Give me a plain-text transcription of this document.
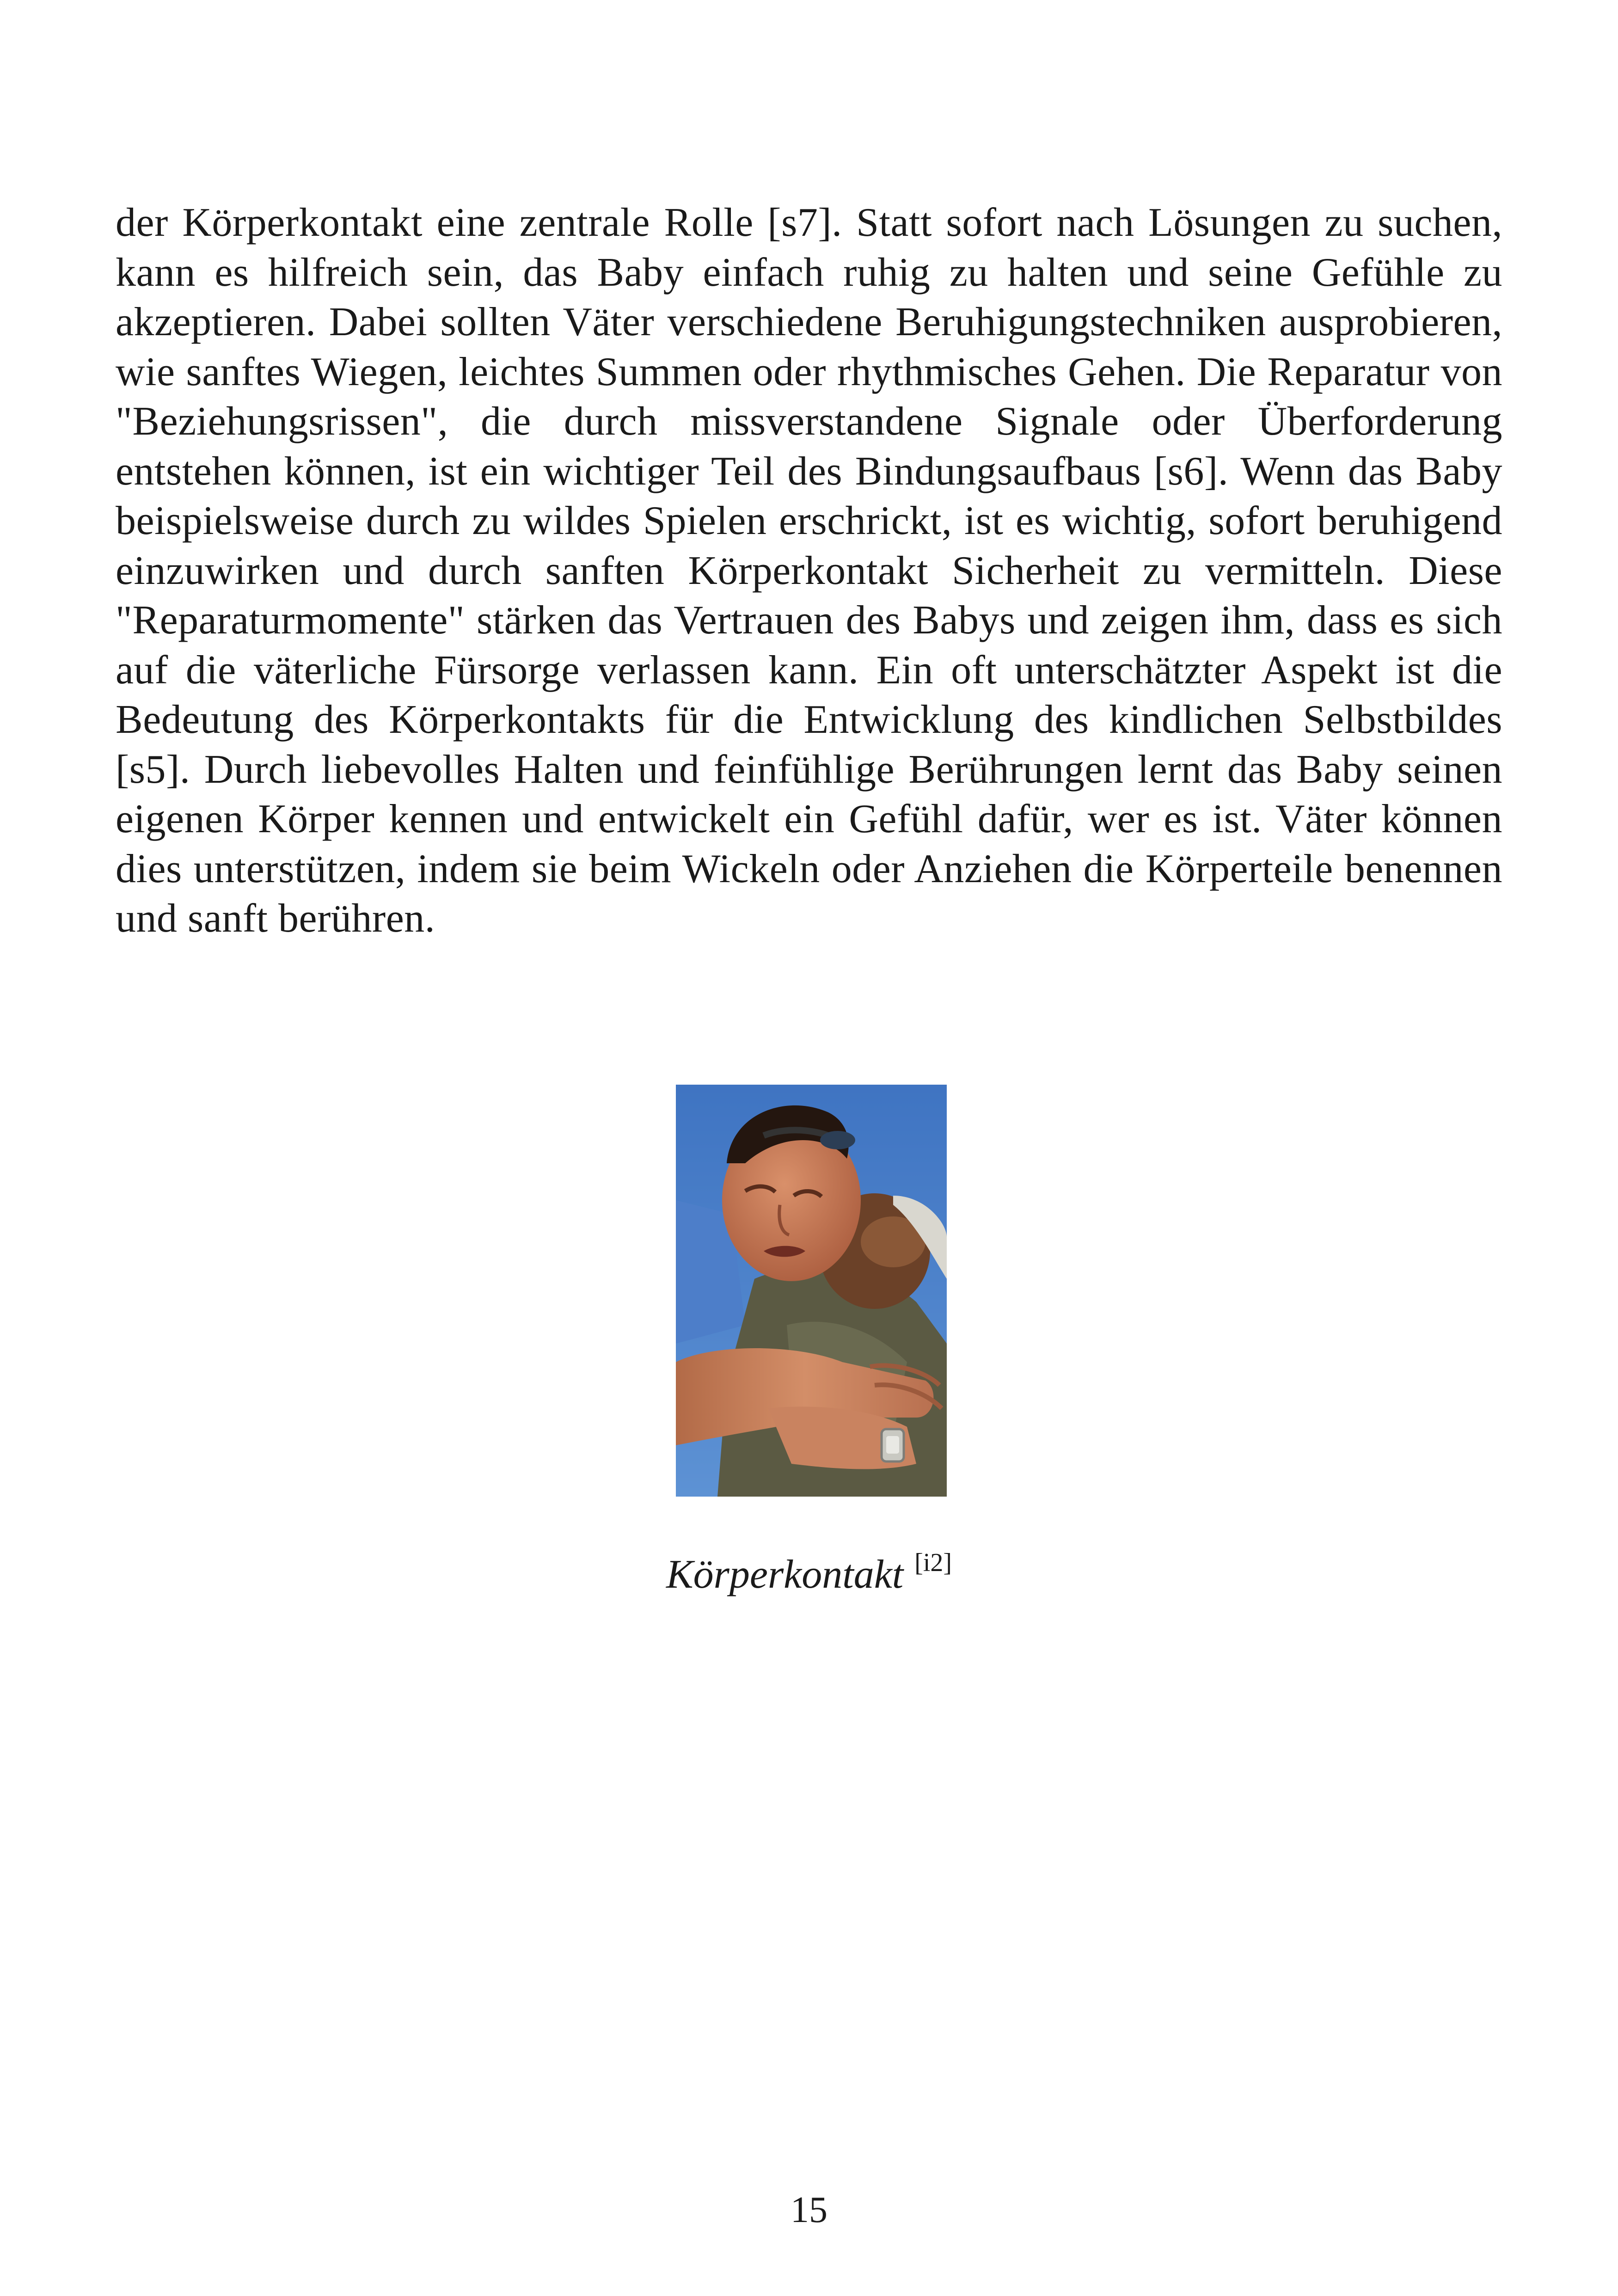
der Körperkontakt eine zentrale Rolle [s7]. Statt sofort nach Lösungen zu suchen, kann es hilfreich sein, das Baby einfach ruhig zu halten und seine Gefühle zu akzeptieren. Dabei sollten Väter verschiedene Beruhigungstechniken ausprobieren, wie sanftes Wiegen, leichtes Summen oder rhythmisches Gehen. Die Reparatur von "Beziehungsrissen", die durch missverstandene Signale oder Überforderung entstehen können, ist ein wichtiger Teil des Bindungsaufbaus [s6]. Wenn das Baby beispielsweise durch zu wildes Spielen erschrickt, ist es wichtig, sofort beruhigend einzuwirken und durch sanften Körperkontakt Sicherheit zu vermitteln. Diese "Reparaturmomente" stärken das Vertrauen des Babys und zeigen ihm, dass es sich auf die väterliche Fürsorge verlassen kann. Ein oft unterschätzter Aspekt ist die Bedeutung des Körperkontakts für die Entwicklung des kindlichen Selbstbildes [s5]. Durch liebevolles Halten und feinfühlige Berührungen lernt das Baby seinen eigenen Körper kennen und entwickelt ein Gefühl dafür, wer es ist. Väter können dies unterstützen, indem sie beim Wickeln oder Anziehen die Körperteile benennen und sanft berühren.

Körperkontakt [i2]
15
